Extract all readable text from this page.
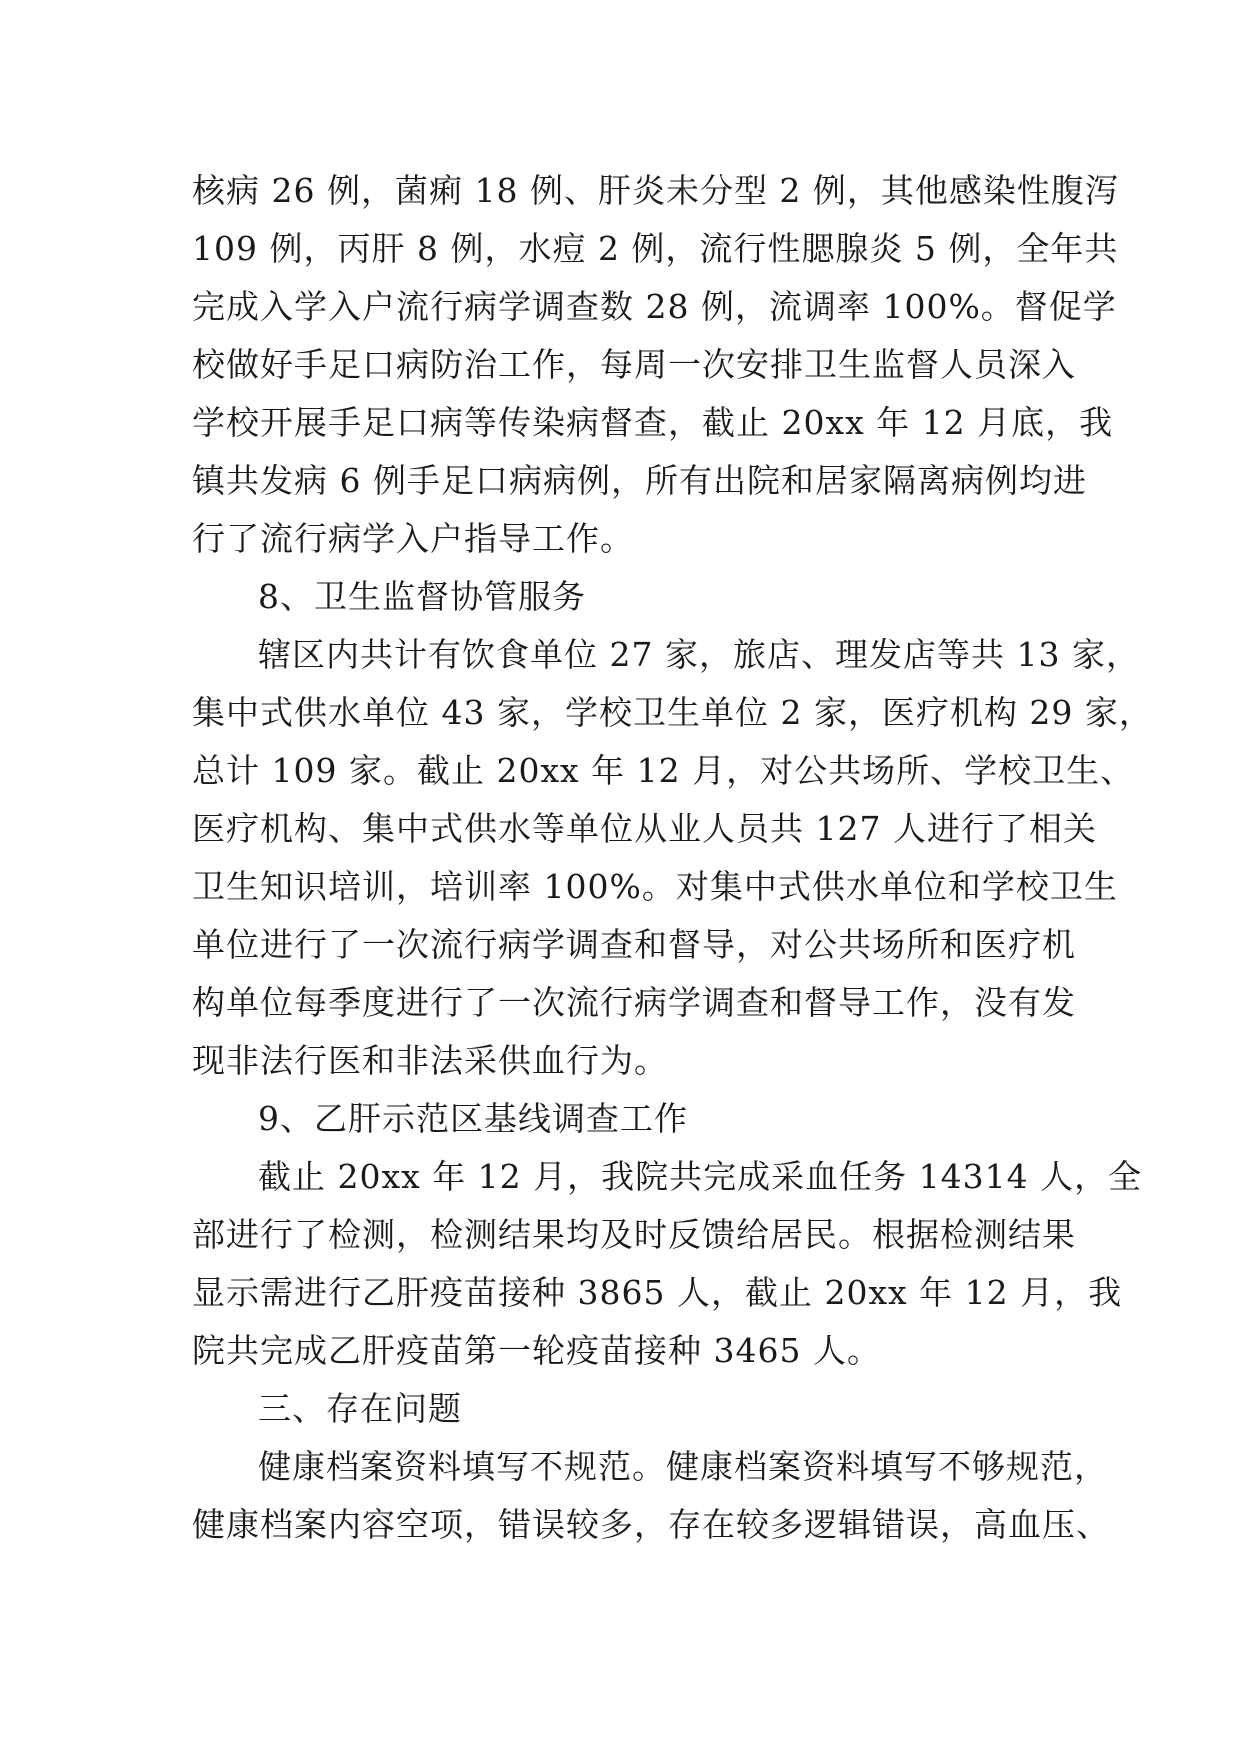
核病 26 例，菌痢 18 例、肝炎未分型 2 例，其他感染性腹泻
109 例，丙肝 8 例，水痘 2 例，流行性腮腺炎 5 例，全年共
完成入学入户流行病学调查数 28 例，流调率 100%。督促学
校做好手足口病防治工作，每周一次安排卫生监督人员深入
学校开展手足口病等传染病督查，截止 20xx 年 12 月底，我
镇共发病 6 例手足口病病例，所有出院和居家隔离病例均进
行了流行病学入户指导工作。
8、卫生监督协管服务
辖区内共计有饮食单位 27 家，旅店、理发店等共 13 家，
集中式供水单位 43 家，学校卫生单位 2 家，医疗机构 29 家，
总计 109 家。截止 20xx 年 12 月，对公共场所、学校卫生、
医疗机构、集中式供水等单位从业人员共 127 人进行了相关
卫生知识培训，培训率 100%。对集中式供水单位和学校卫生
单位进行了一次流行病学调查和督导，对公共场所和医疗机
构单位每季度进行了一次流行病学调查和督导工作，没有发
现非法行医和非法采供血行为。
9、乙肝示范区基线调查工作
截止 20xx 年 12 月，我院共完成采血任务 14314 人，全
部进行了检测，检测结果均及时反馈给居民。根据检测结果
显示需进行乙肝疫苗接种 3865 人，截止 20xx 年 12 月，我
院共完成乙肝疫苗第一轮疫苗接种 3465 人。
三、存在问题
健康档案资料填写不规范。健康档案资料填写不够规范，
健康档案内容空项，错误较多，存在较多逻辑错误，高血压、
